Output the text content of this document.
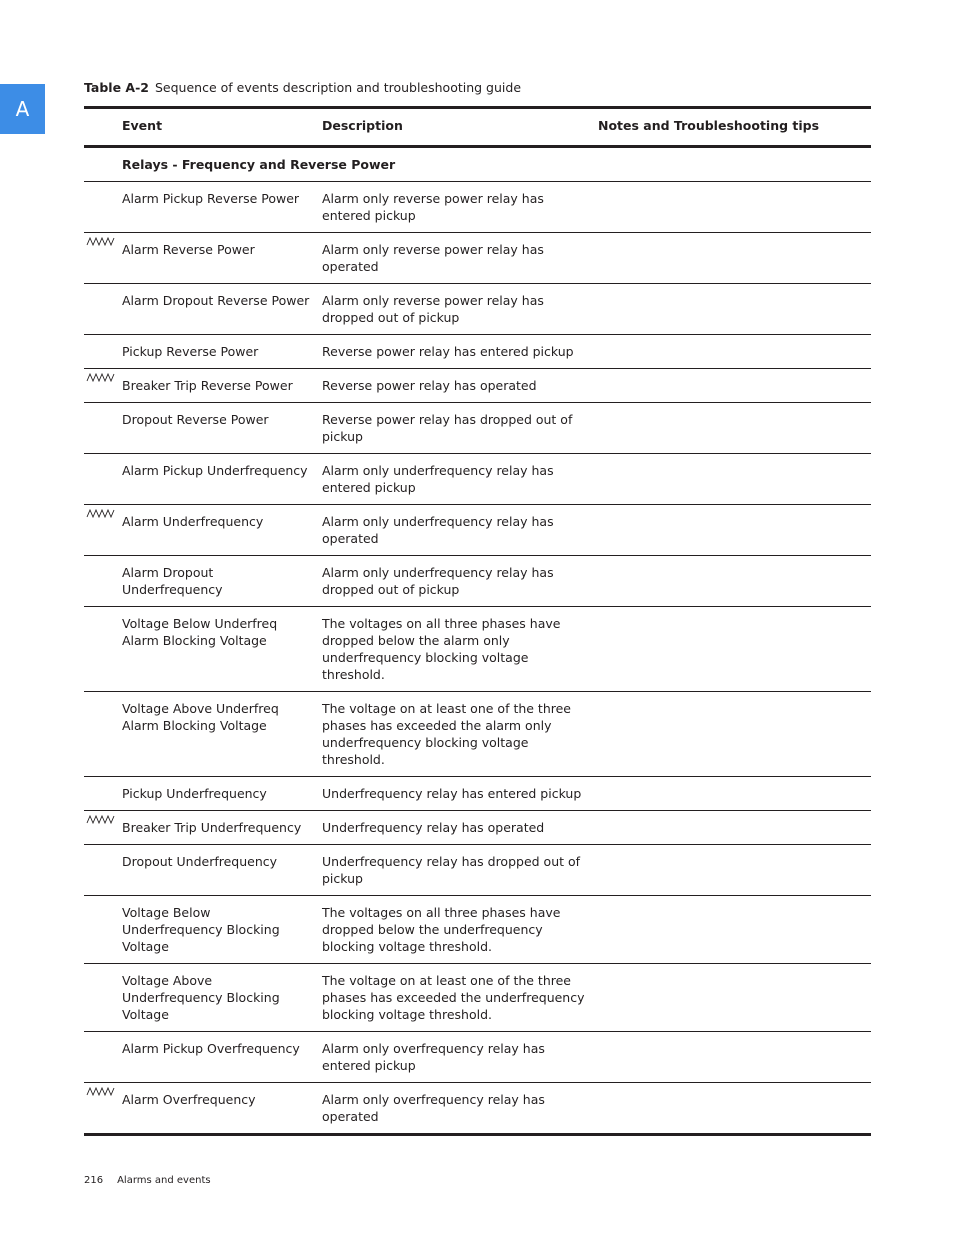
A
Table A-2 Sequence of events description and troubleshooting guide
	Event	Description	Notes and Troubleshooting tips
	Relays - Frequency and Reverse Power		
	Alarm Pickup Reverse Power	Alarm only reverse power relay has entered pickup	

	Alarm Reverse Power	Alarm only reverse power relay has operated	
	Alarm Dropout Reverse Power	Alarm only reverse power relay has dropped out of pickup	
	Pickup Reverse Power	Reverse power relay has entered pickup	

	Breaker Trip Reverse Power	Reverse power relay has operated	
	Dropout Reverse Power	Reverse power relay has dropped out of pickup	
	Alarm Pickup Underfrequency	Alarm only underfrequency relay has entered pickup	

	Alarm Underfrequency	Alarm only underfrequency relay has operated	
	Alarm Dropout Underfrequency	Alarm only underfrequency relay has dropped out of pickup	
	Voltage Below Underfreq Alarm Blocking Voltage	The voltages on all three phases have dropped below the alarm only underfrequency blocking voltage threshold.	
	Voltage Above Underfreq Alarm Blocking Voltage	The voltage on at least one of the three phases has exceeded the alarm only underfrequency blocking voltage threshold.	
	Pickup Underfrequency	Underfrequency relay has entered pickup	

	Breaker Trip Underfrequency	Underfrequency relay has operated	
	Dropout Underfrequency	Underfrequency relay has dropped out of pickup	
	Voltage Below Underfrequency Blocking Voltage	The voltages on all three phases have dropped below the underfrequency blocking voltage threshold.	
	Voltage Above Underfrequency Blocking Voltage	The voltage on at least one of the three phases has exceeded the underfrequency blocking voltage threshold.	
	Alarm Pickup Overfrequency	Alarm only overfrequency relay has entered pickup	

	Alarm Overfrequency	Alarm only overfrequency relay has operated	
216 Alarms and events
